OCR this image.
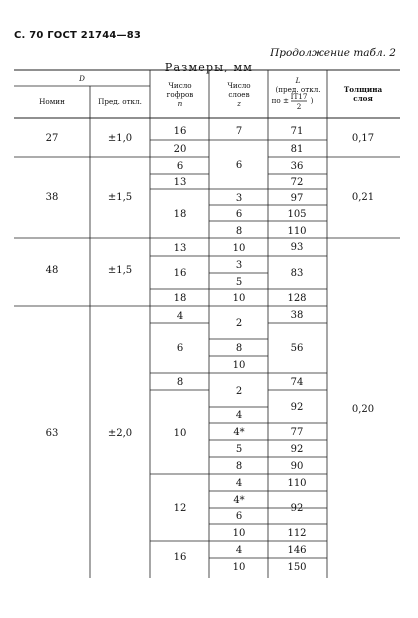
С. 70 ГОСТ 21744—83
Продолжение табл. 2
Размеры, мм
D
Номин	Пред. откл.
Число
гофров
n
Число
слоев
z
L
(пред. откл.
по ± IT17
2
)
Толщина
слоя
27
38
48
63
±1,0
±1,5
±1,5
±2,0
16
20
6
13
18
13
16
18
4
6
8
10
12
16
7
6
3
6
8
10
3
5
10
2
8
10
2
4
4*
5
8
4
4*
6
10
4
10
71
81
36
72
97
105
110
93
83
128
38
56
74
92
77
92
90
110
92
112
146
150
0,17
0,21
0,20
